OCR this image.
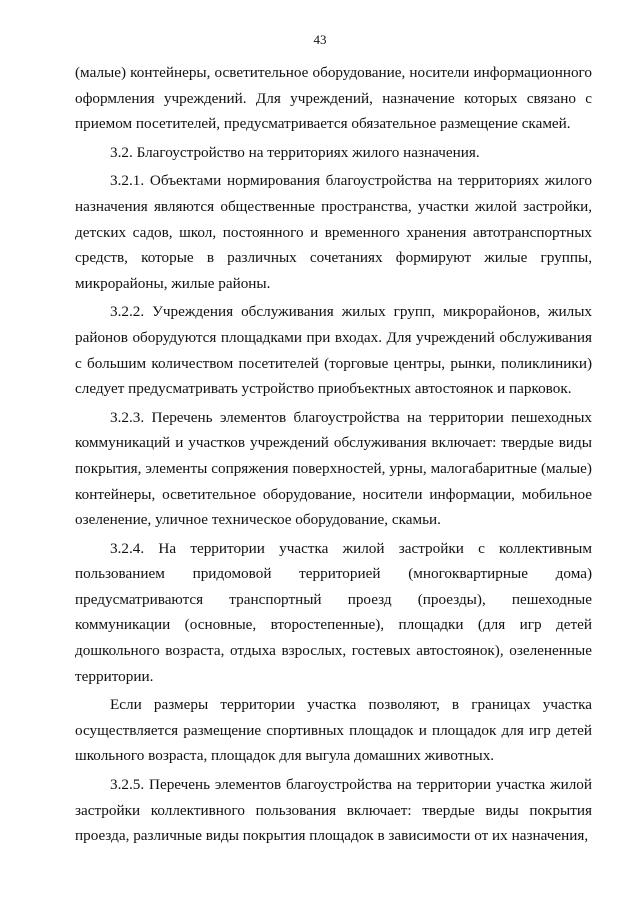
43

(малые) контейнеры, осветительное оборудование, носители информационного оформления учреждений. Для учреждений, назначение которых связано с приемом посетителей, предусматривается обязательное размещение скамей.

3.2. Благоустройство на территориях жилого назначения.

3.2.1. Объектами нормирования благоустройства на территориях жилого назначения являются общественные пространства, участки жилой застройки, детских садов, школ, постоянного и временного хранения автотранспортных средств, которые в различных сочетаниях формируют жилые группы, микрорайоны, жилые районы.

3.2.2. Учреждения обслуживания жилых групп, микрорайонов, жилых районов оборудуются площадками при входах. Для учреждений обслуживания с большим количеством посетителей (торговые центры, рынки, поликлиники) следует предусматривать устройство приобъектных автостоянок и парковок.

3.2.3. Перечень элементов благоустройства на территории пешеходных коммуникаций и участков учреждений обслуживания включает: твердые виды покрытия, элементы сопряжения поверхностей, урны, малогабаритные (малые) контейнеры, осветительное оборудование, носители информации, мобильное озеленение, уличное техническое оборудование, скамьи.

3.2.4. На территории участка жилой застройки с коллективным пользованием придомовой территорией (многоквартирные дома) предусматриваются транспортный проезд (проезды), пешеходные коммуникации (основные, второстепенные), площадки (для игр детей дошкольного возраста, отдыха взрослых, гостевых автостоянок), озелененные территории.

Если размеры территории участка позволяют, в границах участка осуществляется размещение спортивных площадок и площадок для игр детей школьного возраста, площадок для выгула домашних животных.

3.2.5. Перечень элементов благоустройства на территории участка жилой застройки коллективного пользования включает: твердые виды покрытия проезда, различные виды покрытия площадок в зависимости от их назначения,
